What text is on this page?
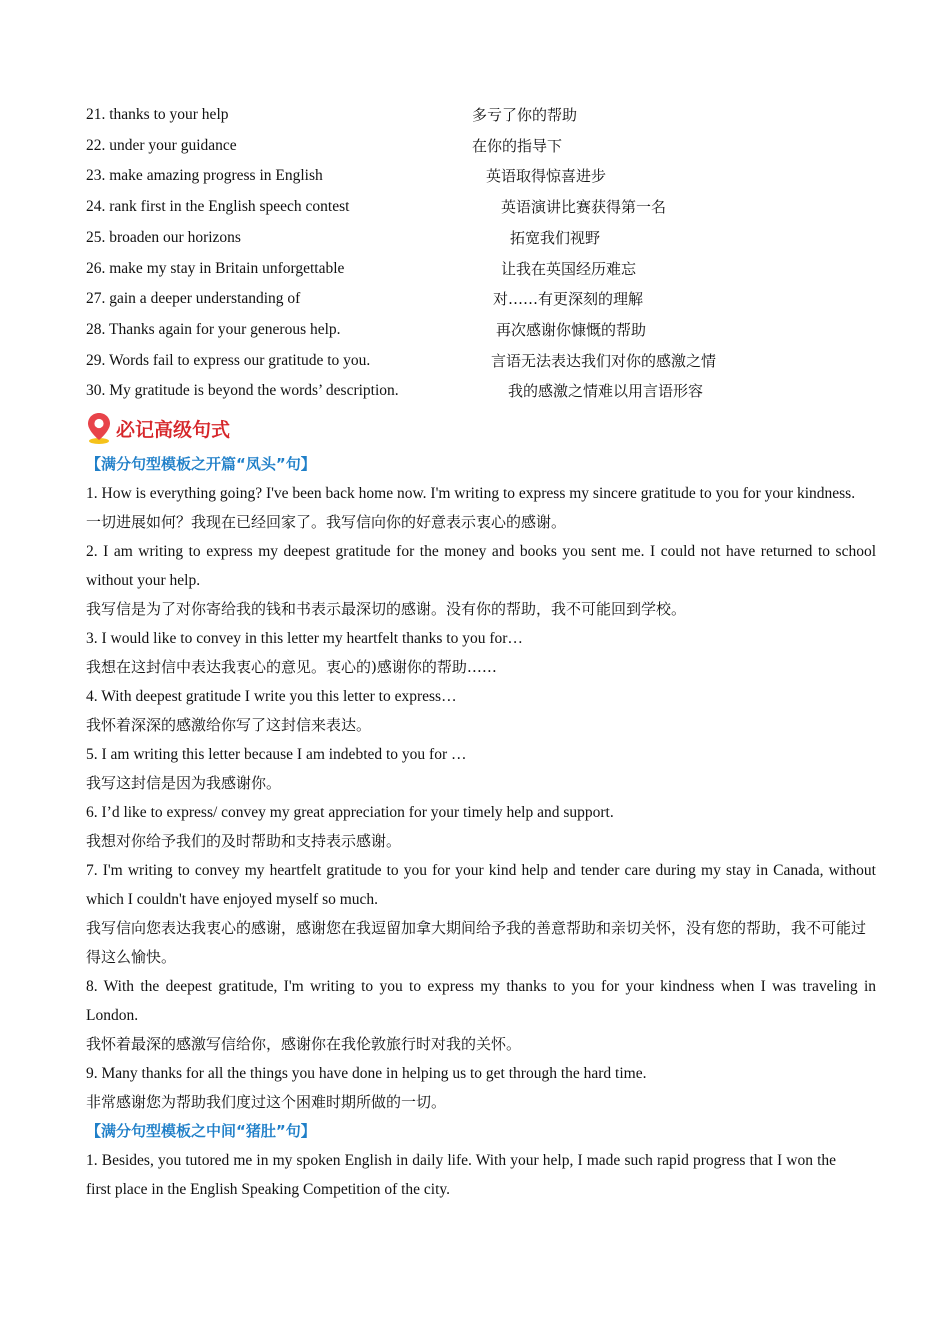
21. thanks to your help	多亏了你的帮助
22. under your guidance	在你的指导下
23. make amazing progress in English	英语取得惊喜进步
24. rank first in the English speech contest	英语演讲比赛获得第一名
25. broaden our horizons	拓宽我们视野
26. make my stay in Britain unforgettable	让我在英国经历难忘
27. gain a deeper understanding of	对……有更深刻的理解
28. Thanks again for your generous help.	再次感谢你慷慨的帮助
29. Words fail to express our gratitude to you.	言语无法表达我们对你的感激之情
30. My gratitude is beyond the words’ description.	我的感激之情难以用言语形容
必记高级句式

【满分句型模板之开篇“凤头”句】

1. How is everything going? I've been back home now. I'm writing to express my sincere gratitude to you for your kindness.

一切进展如何？我现在已经回家了。我写信向你的好意表示衷心的感谢。

2. I am writing to express my deepest gratitude for the money and books you sent me. I could not have returned to school without your help.

我写信是为了对你寄给我的钱和书表示最深切的感谢。没有你的帮助，我不可能回到学校。

3. I would like to convey in this letter my heartfelt thanks to you for…

我想在这封信中表达我衷心的意见。衷心的)感谢你的帮助……

4. With deepest gratitude I write you this letter to express…

我怀着深深的感激给你写了这封信来表达。

5. I am writing this letter because I am indebted to you for …

我写这封信是因为我感谢你。

6. I’d like to express/ convey my great appreciation for your timely help and support.

我想对你给予我们的及时帮助和支持表示感谢。

7. I'm writing to convey my heartfelt gratitude to you for your kind help and tender care during my stay in Canada, without which I couldn't have enjoyed myself so much.

我写信向您表达我衷心的感谢，感谢您在我逗留加拿大期间给予我的善意帮助和亲切关怀，没有您的帮助，我不可能过得这么愉快。

8. With the deepest gratitude, I'm writing to you to express my thanks to you for your kindness when I was traveling in London.

我怀着最深的感激写信给你，感谢你在我伦敦旅行时对我的关怀。

9. Many thanks for all the things you have done in helping us to get through the hard time.

非常感谢您为帮助我们度过这个困难时期所做的一切。

【满分句型模板之中间“猪肚”句】

1. Besides, you tutored me in my spoken English in daily life. With your help, I made such rapid progress that I won the first place in the English Speaking Competition of the city.
